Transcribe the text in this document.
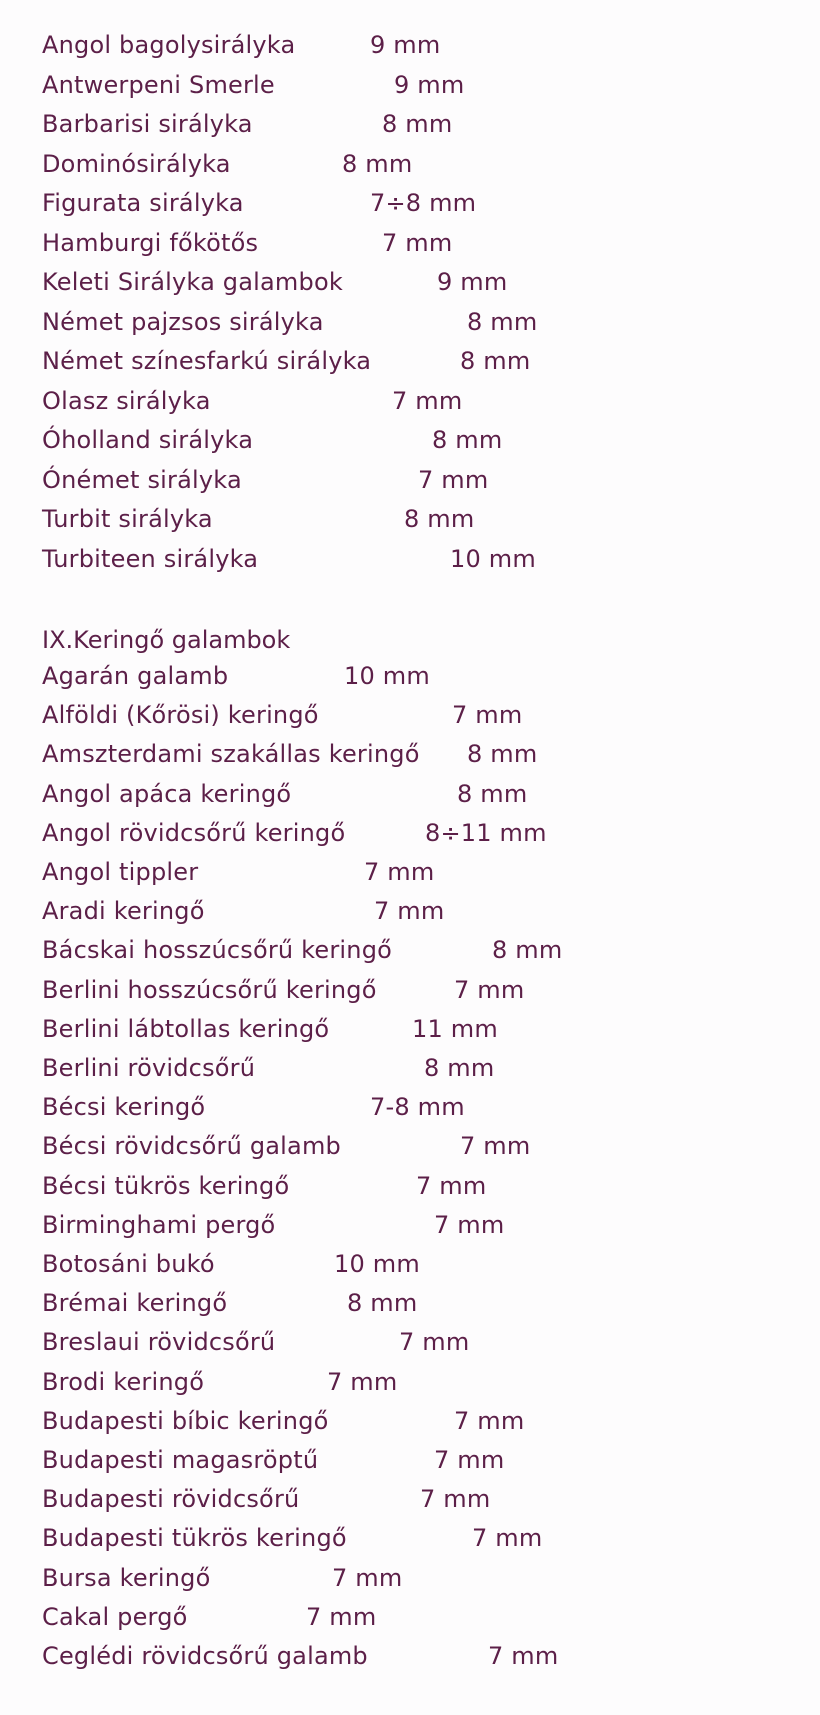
Angol bagolysirályka	9 mm
Antwerpeni Smerle	9 mm
Barbarisi sirályka	8 mm
Dominósirályka	8 mm
Figurata sirályka	7÷8 mm
Hamburgi főkötős	7 mm
Keleti Sirályka galambok	9 mm
Német pajzsos sirályka	8 mm
Német színesfarkú sirályka	8 mm
Olasz sirályka	7 mm
Óholland sirályka	8 mm
Ónémet sirályka	7 mm
Turbit sirályka	8 mm
Turbiteen sirályka	10 mm
IX.Keringő galambok
Agarán galamb	10 mm
Alföldi (Kőrösi) keringő	7 mm
Amszterdami szakállas keringő 8 mm
Angol apáca keringő	8 mm
Angol rövidcsőrű keringő	8÷11 mm
Angol tippler	7 mm
Aradi keringő	7 mm
Bácskai hosszúcsőrű keringő	8 mm
Berlini hosszúcsőrű keringő	7 mm
Berlini lábtollas keringő	11 mm
Berlini rövidcsőrű	8 mm
Bécsi keringő	7-8 mm
Bécsi rövidcsőrű galamb	7 mm
Bécsi tükrös keringő	7 mm
Birminghami pergő	7 mm
Botosáni bukó	10 mm
Brémai keringő	8 mm
Breslaui rövidcsőrű	7 mm
Brodi keringő	7 mm
Budapesti bíbic keringő	7 mm
Budapesti magasröptű	7 mm
Budapesti rövidcsőrű	7 mm
Budapesti tükrös keringő	7 mm
Bursa keringő	7 mm
Cakal pergő	7 mm
Ceglédi rövidcsőrű galamb	7 mm
